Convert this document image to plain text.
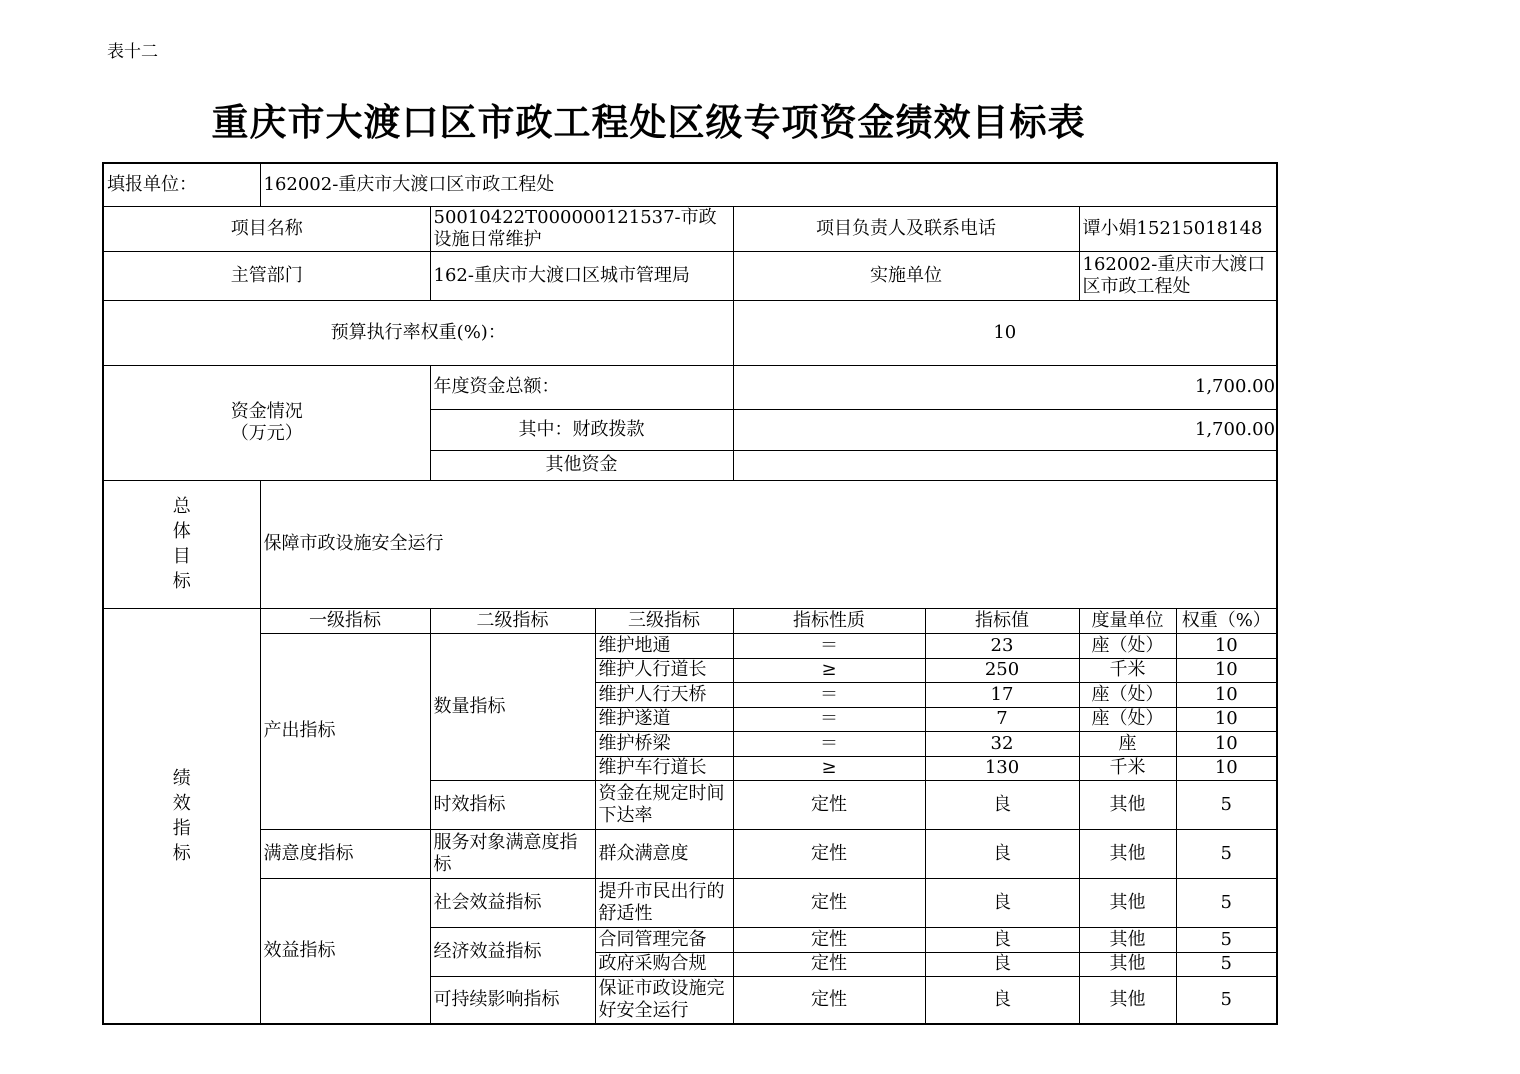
表十二
重庆市大渡口区市政工程处区级专项资金绩效目标表
填报单位：	162002-重庆市大渡口区市政工程处						
项目名称		50010422T000000121537-市政设施日常维护		项目负责人及联系电话		谭小娟15215018148	
主管部门		162-重庆市大渡口区城市管理局		实施单位		162002-重庆市大渡口区市政工程处	
预算执行率权重(%)：				10			
资金情况
（万元）		年度资金总额：		1,700.00			
		其中：财政拨款		1,700.00			
		其他资金					

总
体
目
标	保障市政设施安全运行						

绩
效
指
标	一级指标	二级指标	三级指标	指标性质	指标值	度量单位	权重（%）
	产出指标	数量指标	维护地通	＝	23	座（处）	10
			维护人行道长	≥	250	千米	10
			维护人行天桥	＝	17	座（处）	10
			维护遂道	＝	7	座（处）	10
			维护桥梁	＝	32	座	10
			维护车行道长	≥	130	千米	10
		时效指标	资金在规定时间下达率	定性	良	其他	5
	满意度指标	服务对象满意度指标	群众满意度	定性	良	其他	5
	效益指标	社会效益指标	提升市民出行的舒适性	定性	良	其他	5
		经济效益指标	合同管理完备	定性	良	其他	5
			政府采购合规	定性	良	其他	5
		可持续影响指标	保证市政设施完好安全运行	定性	良	其他	5
